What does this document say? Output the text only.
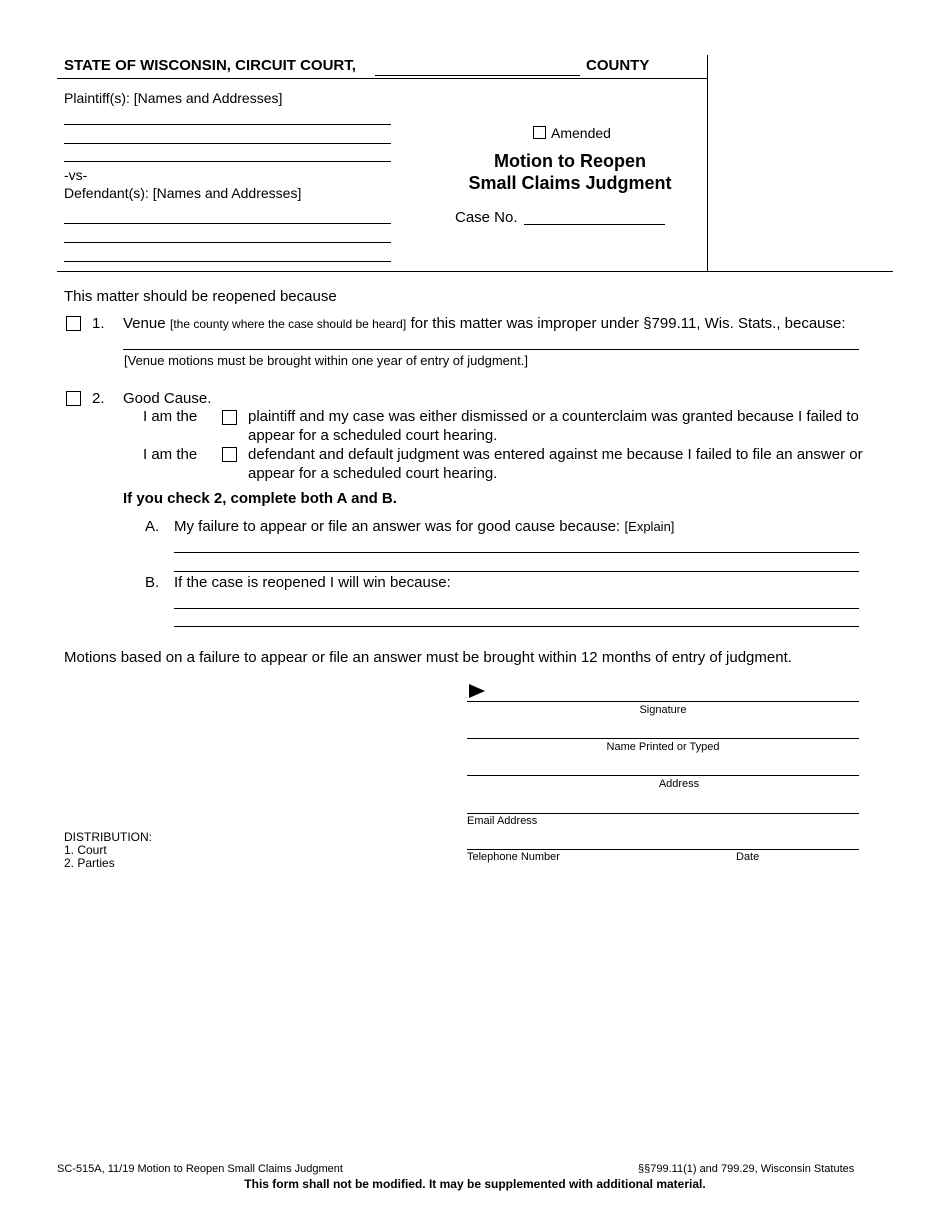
STATE OF WISCONSIN, CIRCUIT COURT,	COUNTY
Plaintiff(s): [Names and Addresses]
-vs-
Defendant(s): [Names and Addresses]
Amended
Motion to Reopen
Small Claims Judgment
Case No.
This matter should be reopened because
1. Venue [the county where the case should be heard] for this matter was improper under §799.11, Wis. Stats., because:
[Venue motions must be brought within one year of entry of judgment.]
2. Good Cause.
I am the	plaintiff and my case was either dismissed or a counterclaim was granted because I failed to
appear for a scheduled court hearing.
I am the	defendant and default judgment was entered against me because I failed to file an answer or
appear for a scheduled court hearing.
If you check 2, complete both A and B.
A. My failure to appear or file an answer was for good cause because: [Explain]
B. If the case is reopened I will win because:
Motions based on a failure to appear or file an answer must be brought within 12 months of entry of judgment.
Signature
Name Printed or Typed
Address
Email Address
Telephone Number	Date
DISTRIBUTION:
1. Court
2. Parties
SC-515A, 11/19 Motion to Reopen Small Claims Judgment	§§799.11(1) and 799.29, Wisconsin Statutes
This form shall not be modified. It may be supplemented with additional material.
